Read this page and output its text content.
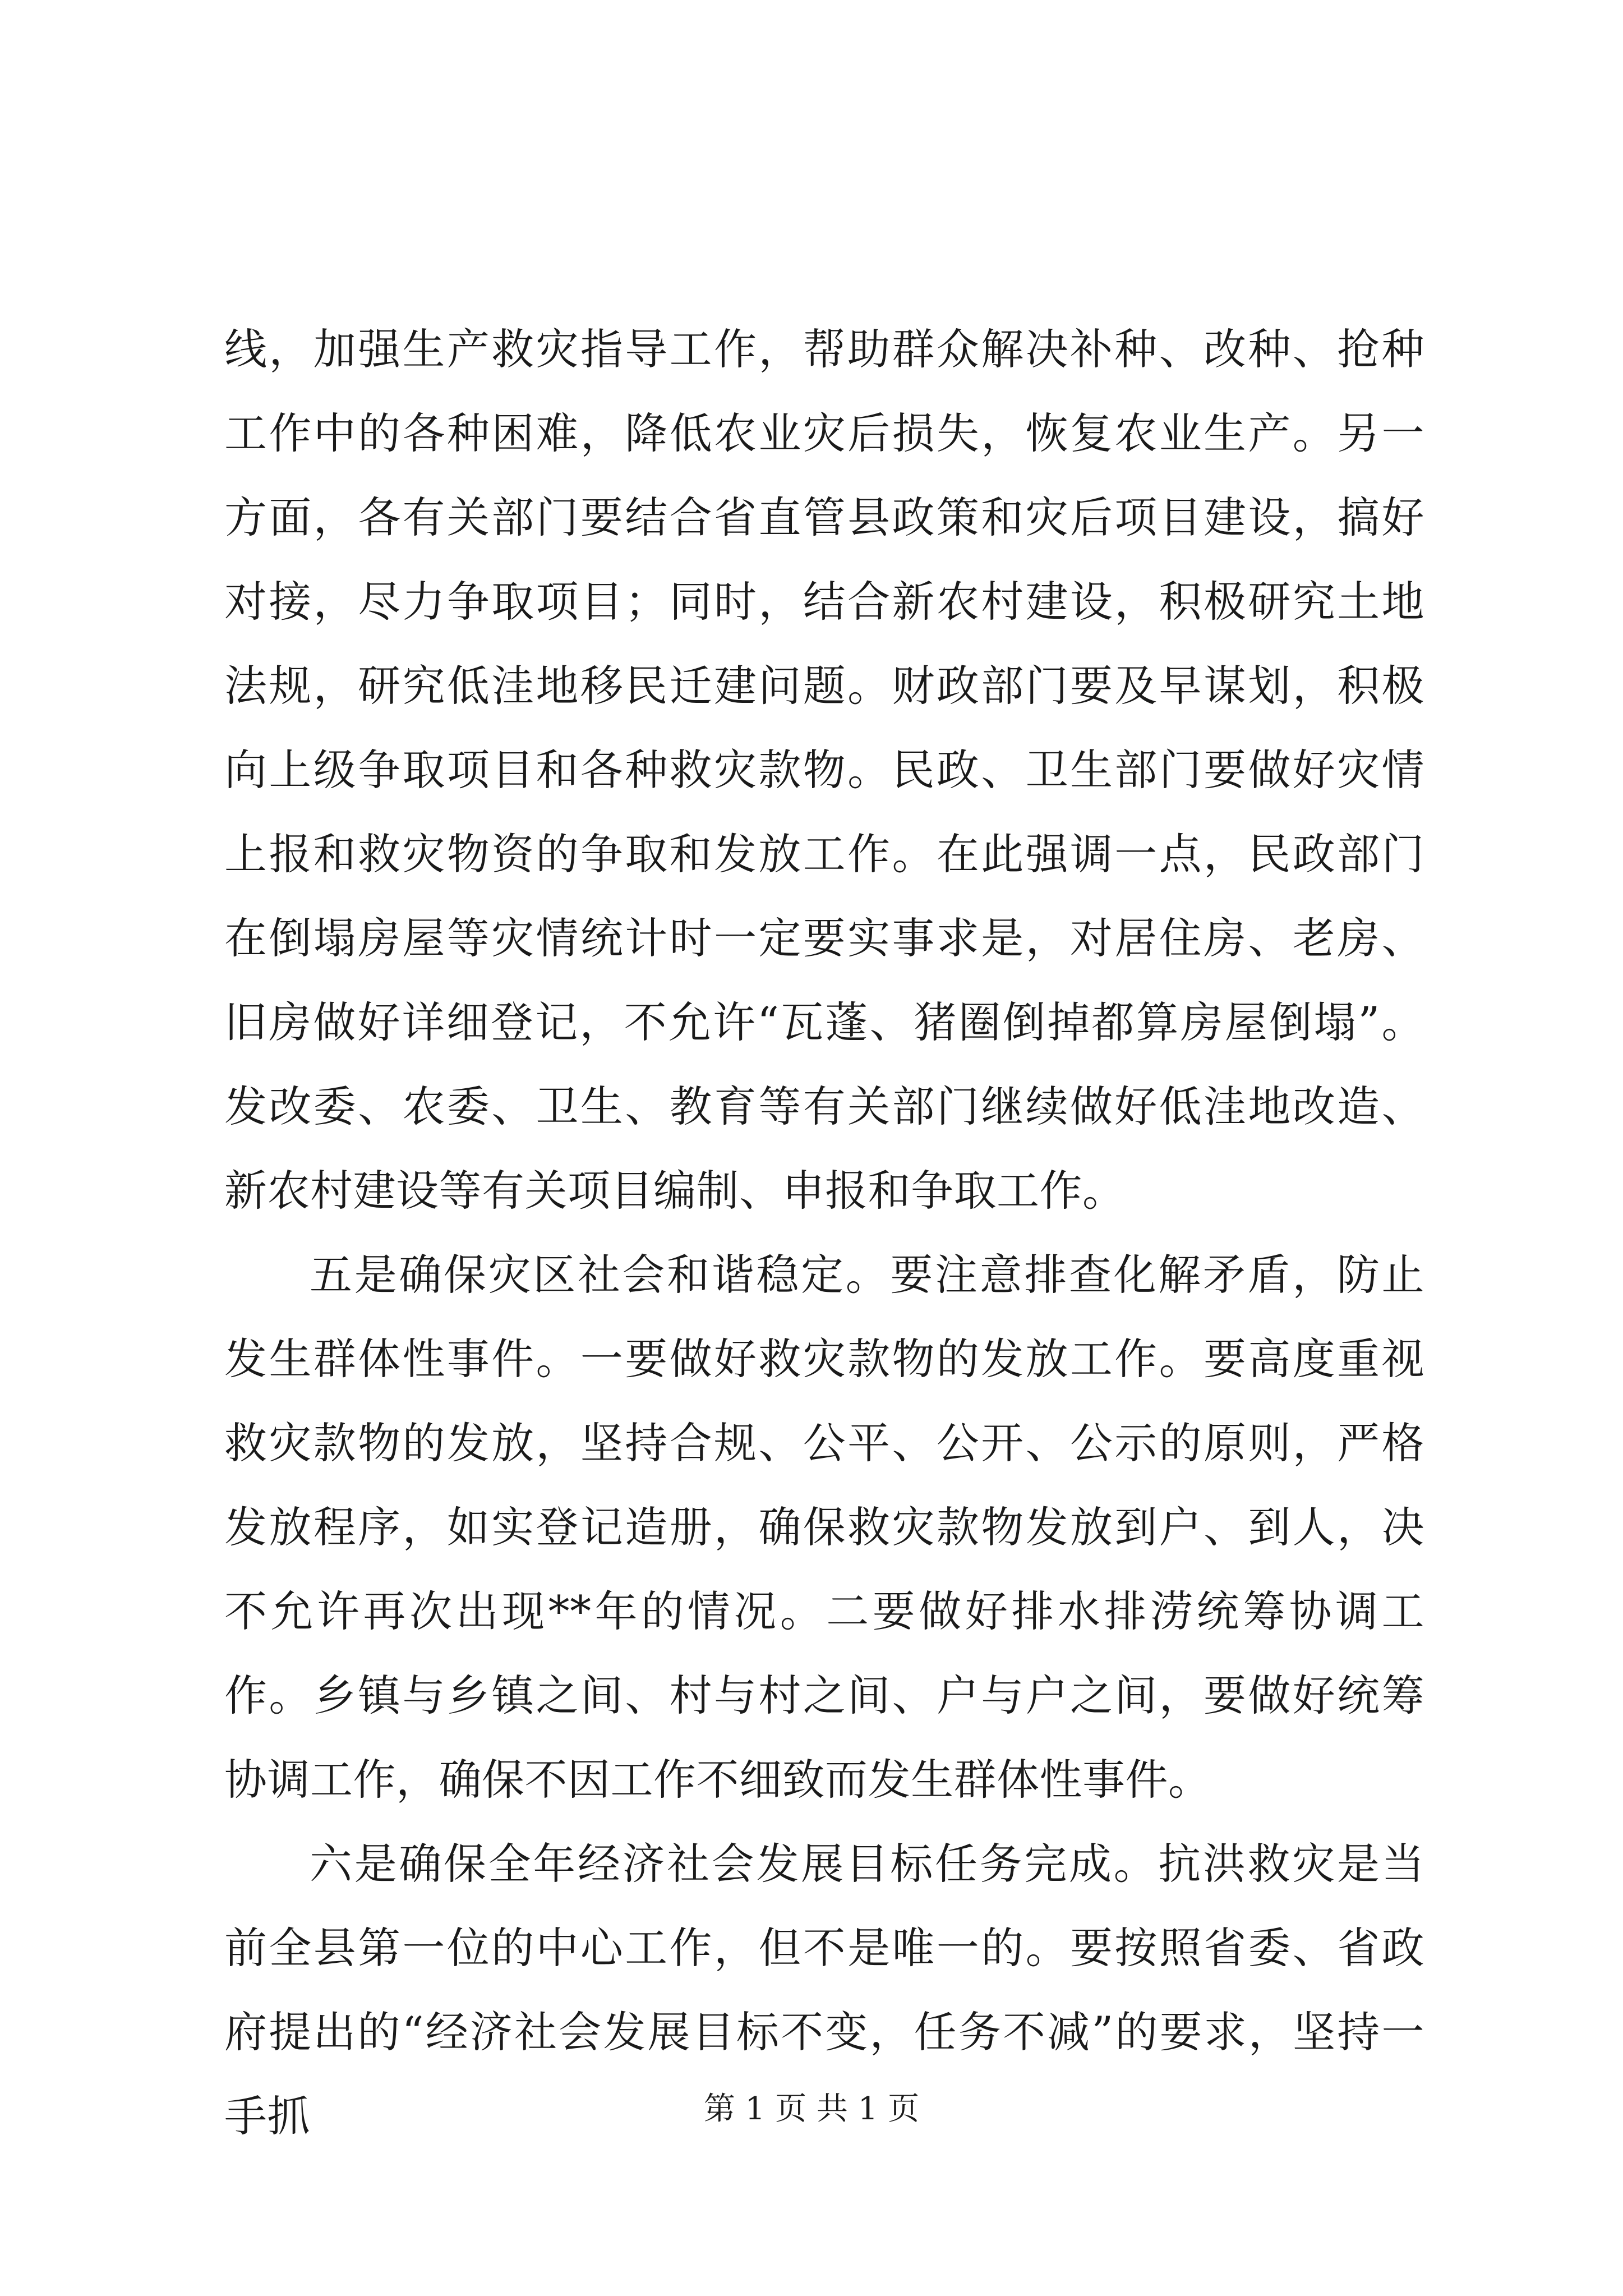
线，加强生产救灾指导工作，帮助群众解决补种、改种、抢种工作中的各种困难，降低农业灾后损失，恢复农业生产。另一方面，各有关部门要结合省直管县政策和灾后项目建设，搞好对接，尽力争取项目；同时，结合新农村建设，积极研究土地法规，研究低洼地移民迁建问题。财政部门要及早谋划，积极向上级争取项目和各种救灾款物。民政、卫生部门要做好灾情上报和救灾物资的争取和发放工作。在此强调一点，民政部门在倒塌房屋等灾情统计时一定要实事求是，对居住房、老房、旧房做好详细登记，不允许“瓦蓬、猪圈倒掉都算房屋倒塌”。发改委、农委、卫生、教育等有关部门继续做好低洼地改造、新农村建设等有关项目编制、申报和争取工作。

五是确保灾区社会和谐稳定。要注意排查化解矛盾，防止发生群体性事件。一要做好救灾款物的发放工作。要高度重视救灾款物的发放，坚持合规、公平、公开、公示的原则，严格发放程序，如实登记造册，确保救灾款物发放到户、到人，决不允许再次出现**年的情况。二要做好排水排涝统筹协调工作。乡镇与乡镇之间、村与村之间、户与户之间，要做好统筹协调工作，确保不因工作不细致而发生群体性事件。

六是确保全年经济社会发展目标任务完成。抗洪救灾是当前全县第一位的中心工作，但不是唯一的。要按照省委、省政府提出的“经济社会发展目标不变，任务不减”的要求，坚持一手抓	第 1 页 共 1 页
